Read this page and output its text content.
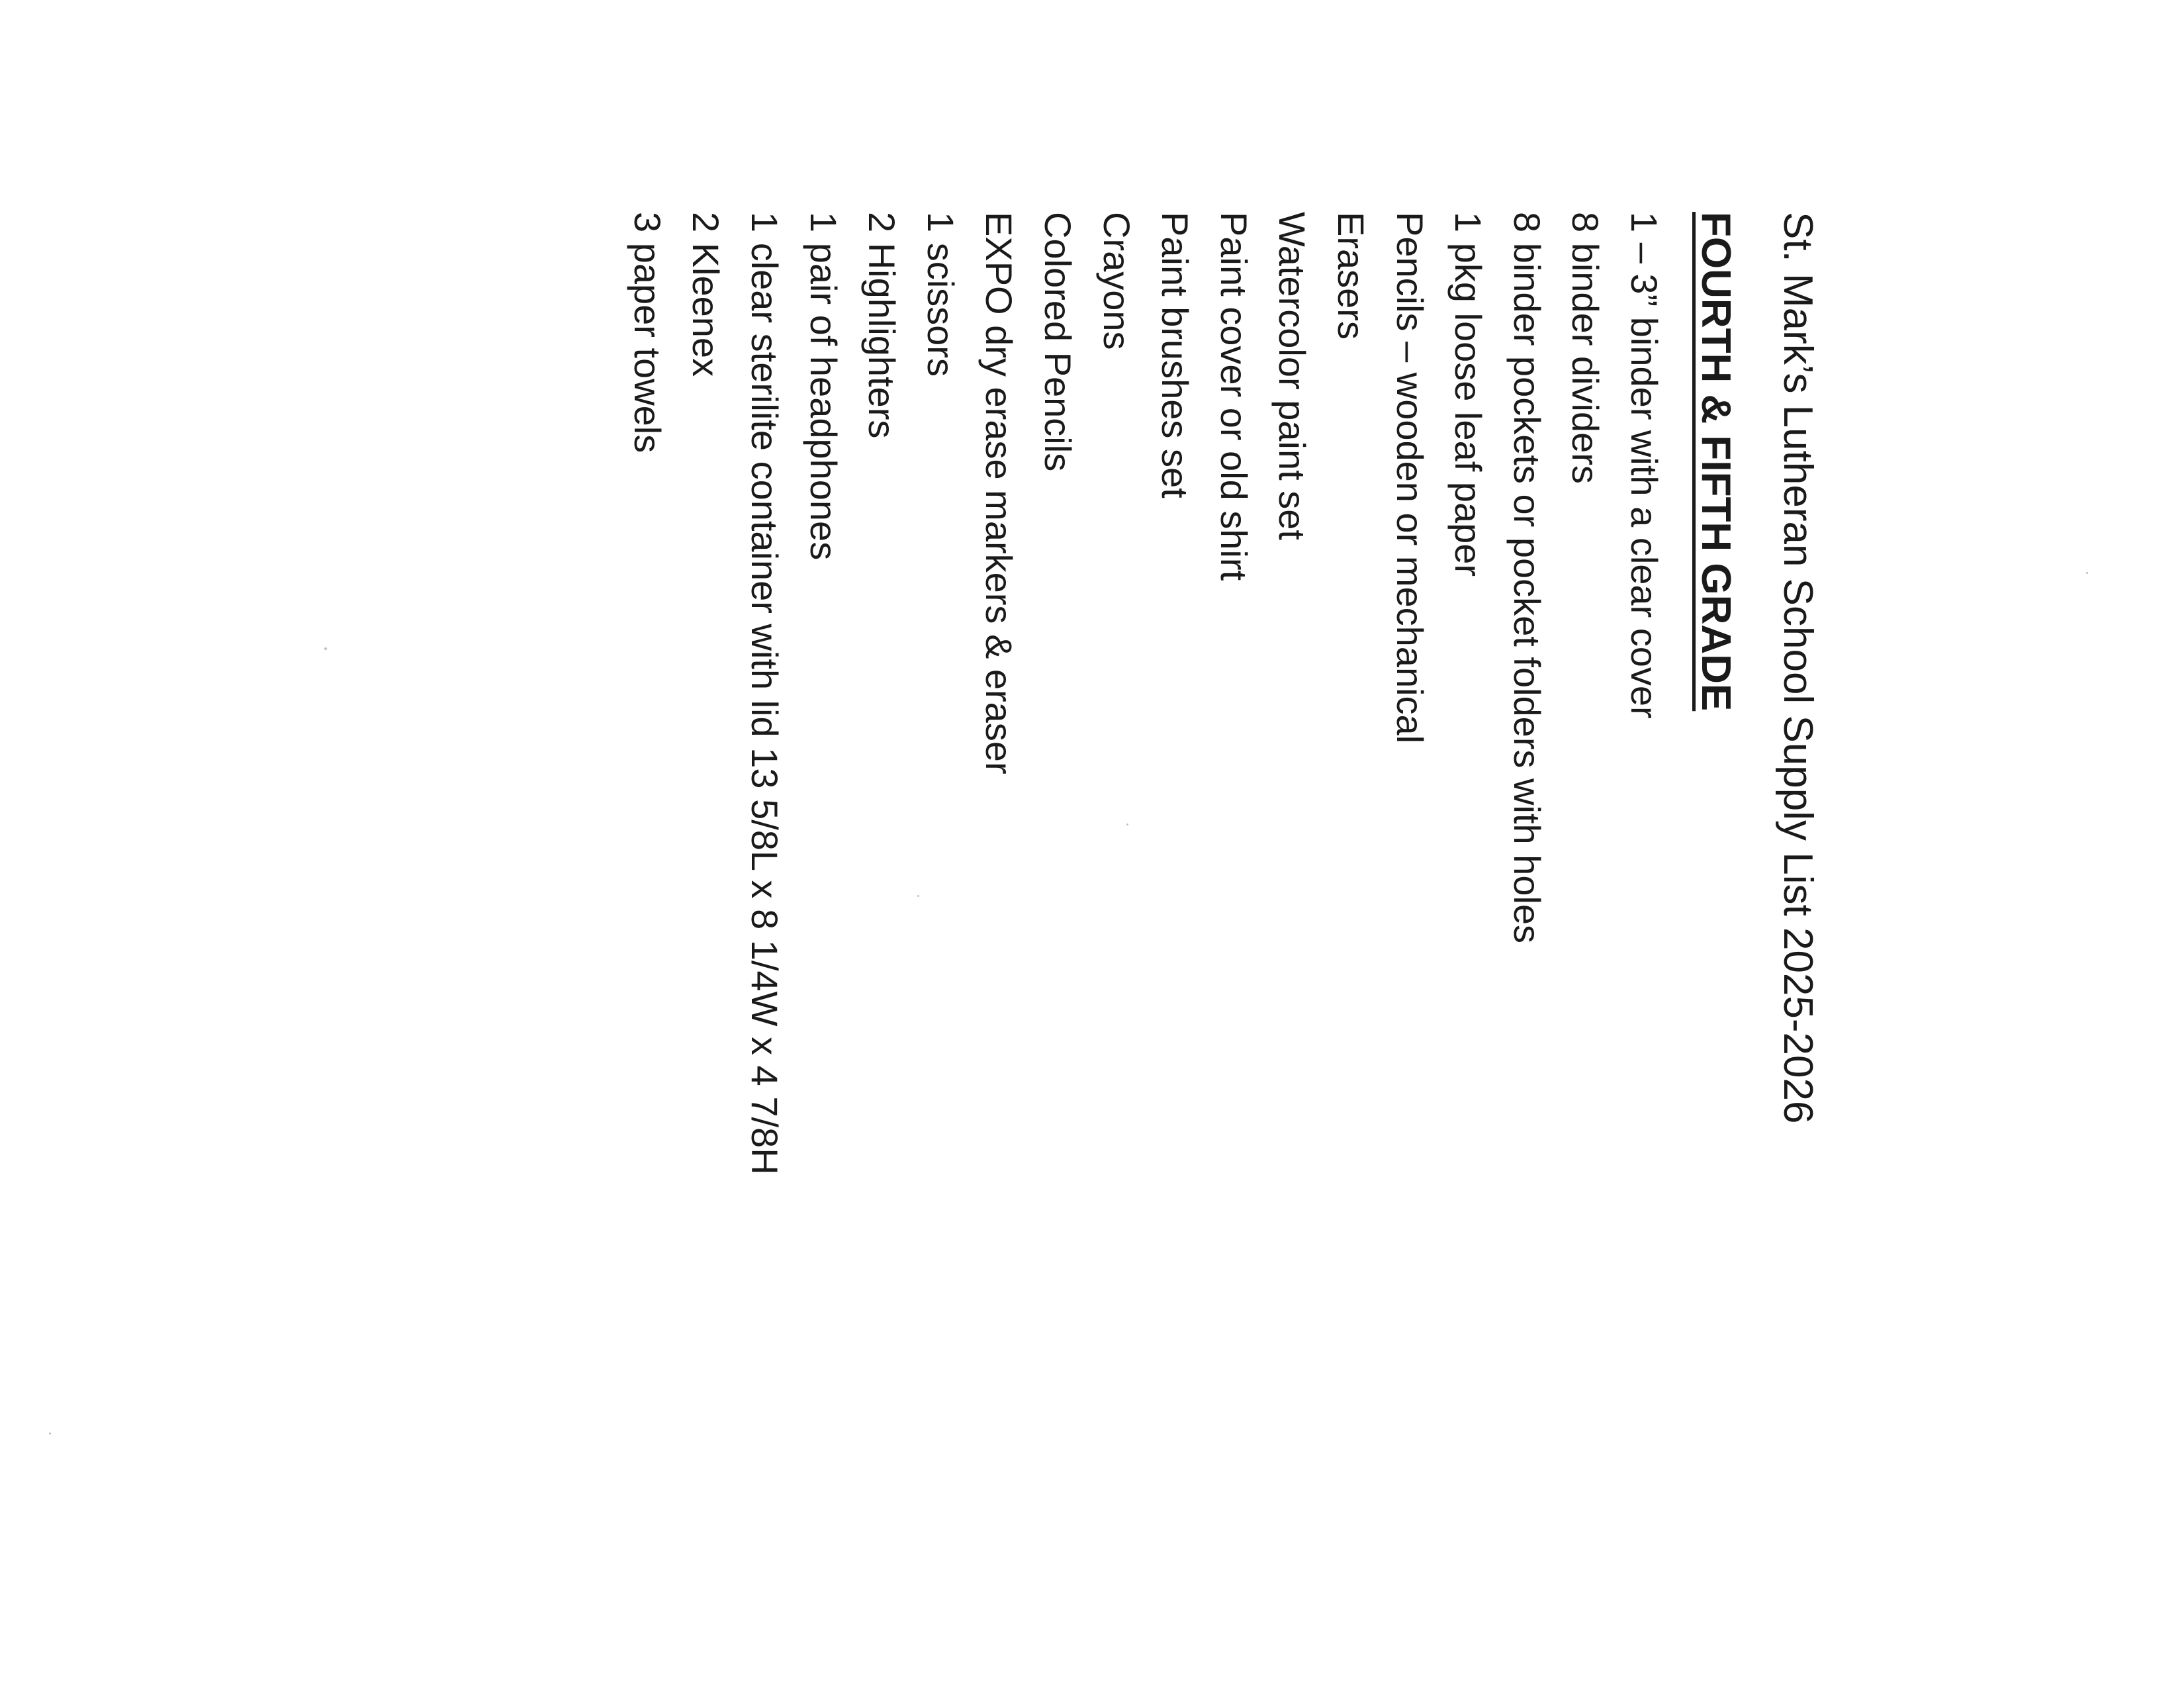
St. Mark’s Lutheran School Supply List 2025-2026
FOURTH & FIFTH GRADE
1 – 3” binder with a clear cover
8 binder dividers
8 binder pockets or pocket folders with holes
1 pkg loose leaf paper
Pencils – wooden or mechanical
Erasers
Watercolor paint set
Paint cover or old shirt
Paint brushes set
Crayons
Colored Pencils
EXPO dry erase markers & eraser
1 scissors
2 Highlighters
1 pair of headphones
1 clear sterilite container with lid 13 5/8L x 8 1/4W x 4 7/8H
2 Kleenex
3 paper towels
